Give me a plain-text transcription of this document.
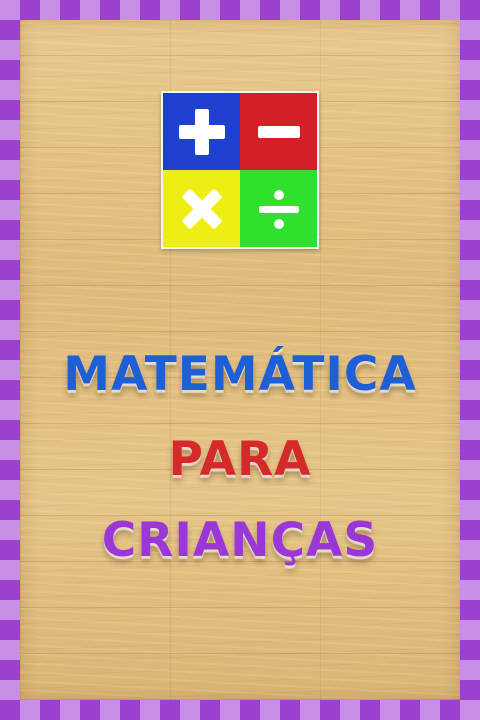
MATEMÁTICA
PARA
CRIANÇAS
